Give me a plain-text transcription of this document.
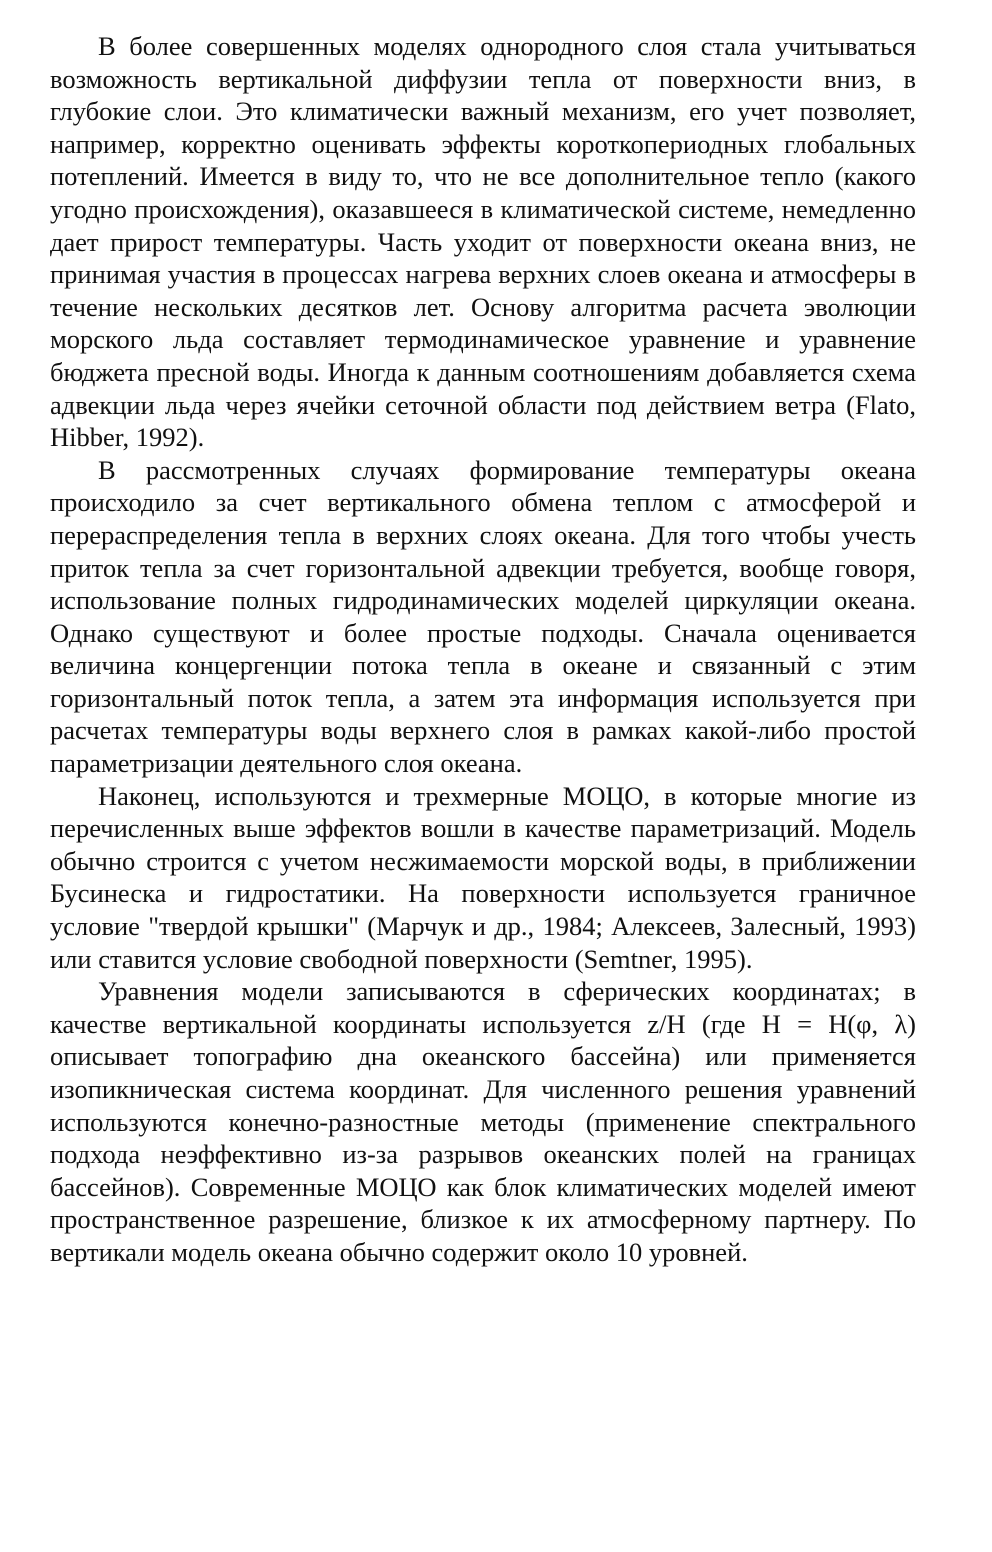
В более совершенных моделях однородного слоя стала учитываться возможность вертикальной диффузии тепла от поверхности вниз, в глубокие слои. Это климатически важный механизм, его учет позволяет, например, корректно оценивать эффекты короткопериодных глобальных потеплений. Имеется в виду то, что не все дополнительное тепло (какого угодно происхождения), оказавшееся в климатической системе, немедленно дает прирост температуры. Часть уходит от поверхности океана вниз, не принимая участия в процессах нагрева верхних слоев океана и атмосферы в течение нескольких десятков лет. Основу алгоритма расчета эволюции морского льда составляет термодинамическое уравнение и уравнение бюджета пресной воды. Иногда к данным соотношениям добавляется схема адвекции льда через ячейки сеточной области под действием ветра (Flato, Hibber, 1992).

В рассмотренных случаях формирование температуры океана происходило за счет вертикального обмена теплом с атмосферой и перераспределения тепла в верхних слоях океана. Для того чтобы учесть приток тепла за счет горизонтальной адвекции требуется, вообще говоря, использование полных гидродинамических моделей циркуляции океана. Однако существуют и более простые подходы. Сначала оценивается величина концергенции потока тепла в океане и связанный с этим горизонтальный поток тепла, а затем эта информация используется при расчетах температуры воды верхнего слоя в рамках какой-либо простой параметризации деятельного слоя океана.

Наконец, используются и трехмерные МОЦО, в которые многие из перечисленных выше эффектов вошли в качестве параметризаций. Модель обычно строится с учетом несжимаемости морской воды, в приближении Бусинеска и гидростатики. На поверхности используется граничное условие "твердой крышки" (Марчук и др., 1984; Алексеев, Залесный, 1993) или ставится условие свободной поверхности (Semtner, 1995).

Уравнения модели записываются в сферических координатах; в качестве вертикальной координаты используется z/H (где H = H(φ, λ) описывает топографию дна океанского бассейна) или применяется изопикническая система координат. Для численного решения уравнений используются конечно-разностные методы (применение спектрального подхода неэффективно из-за разрывов океанских полей на границах бассейнов). Современные МОЦО как блок климатических моделей имеют пространственное разрешение, близкое к их атмосферному партнеру. По вертикали модель океана обычно содержит около 10 уровней.
